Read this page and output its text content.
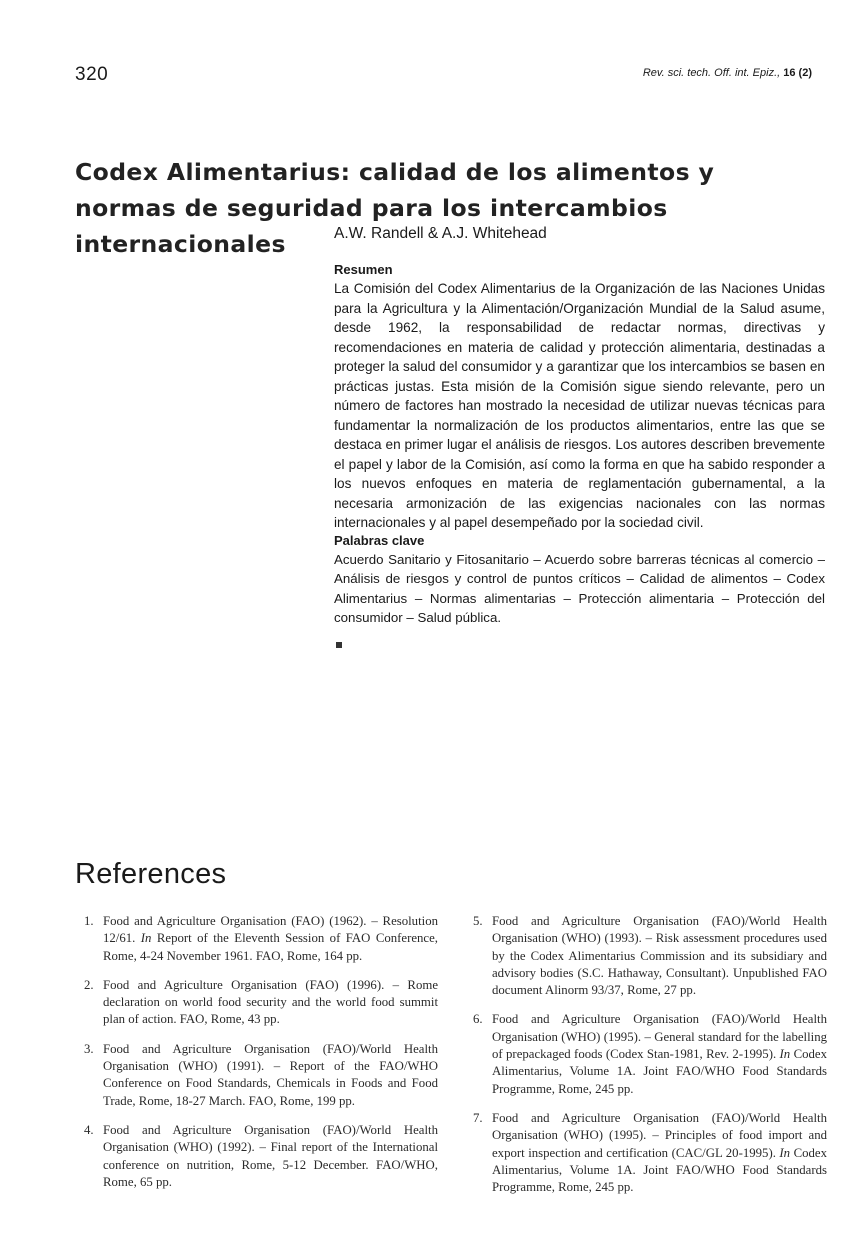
320	Rev. sci. tech. Off. int. Epiz., 16 (2)
Codex Alimentarius: calidad de los alimentos y normas de seguridad para los intercambios internacionales	A.W. Randell & A.J. Whitehead
Resumen

La Comisión del Codex Alimentarius de la Organización de las Naciones Unidas para la Agricultura y la Alimentación/Organización Mundial de la Salud asume, desde 1962, la responsabilidad de redactar normas, directivas y recomendaciones en materia de calidad y protección alimentaria, destinadas a proteger la salud del consumidor y a garantizar que los intercambios se basen en prácticas justas. Esta misión de la Comisión sigue siendo relevante, pero un número de factores han mostrado la necesidad de utilizar nuevas técnicas para fundamentar la normalización de los productos alimentarios, entre las que se destaca en primer lugar el análisis de riesgos. Los autores describen brevemente el papel y labor de la Comisión, así como la forma en que ha sabido responder a los nuevos enfoques en materia de reglamentación gubernamental, a la necesaria armonización de las exigencias nacionales con las normas internacionales y al papel desempeñado por la sociedad civil.

Palabras clave

Acuerdo Sanitario y Fitosanitario – Acuerdo sobre barreras técnicas al comercio – Análisis de riesgos y control de puntos críticos – Calidad de alimentos – Codex Alimentarius – Normas alimentarias – Protección alimentaria – Protección del consumidor – Salud pública.

References
1. Food and Agriculture Organisation (FAO) (1962). – Resolution 12/61. In Report of the Eleventh Session of FAO Conference, Rome, 4-24 November 1961. FAO, Rome, 164 pp.
2. Food and Agriculture Organisation (FAO) (1996). – Rome declaration on world food security and the world food summit plan of action. FAO, Rome, 43 pp.
3. Food and Agriculture Organisation (FAO)/World Health Organisation (WHO) (1991). – Report of the FAO/WHO Conference on Food Standards, Chemicals in Foods and Food Trade, Rome, 18-27 March. FAO, Rome, 199 pp.
4. Food and Agriculture Organisation (FAO)/World Health Organisation (WHO) (1992). – Final report of the International conference on nutrition, Rome, 5-12 December. FAO/WHO, Rome, 65 pp.
5. Food and Agriculture Organisation (FAO)/World Health Organisation (WHO) (1993). – Risk assessment procedures used by the Codex Alimentarius Commission and its subsidiary and advisory bodies (S.C. Hathaway, Consultant). Unpublished FAO document Alinorm 93/37, Rome, 27 pp.
6. Food and Agriculture Organisation (FAO)/World Health Organisation (WHO) (1995). – General standard for the labelling of prepackaged foods (Codex Stan-1981, Rev. 2-1995). In Codex Alimentarius, Volume 1A. Joint FAO/WHO Food Standards Programme, Rome, 245 pp.
7. Food and Agriculture Organisation (FAO)/World Health Organisation (WHO) (1995). – Principles of food import and export inspection and certification (CAC/GL 20-1995). In Codex Alimentarius, Volume 1A. Joint FAO/WHO Food Standards Programme, Rome, 245 pp.
